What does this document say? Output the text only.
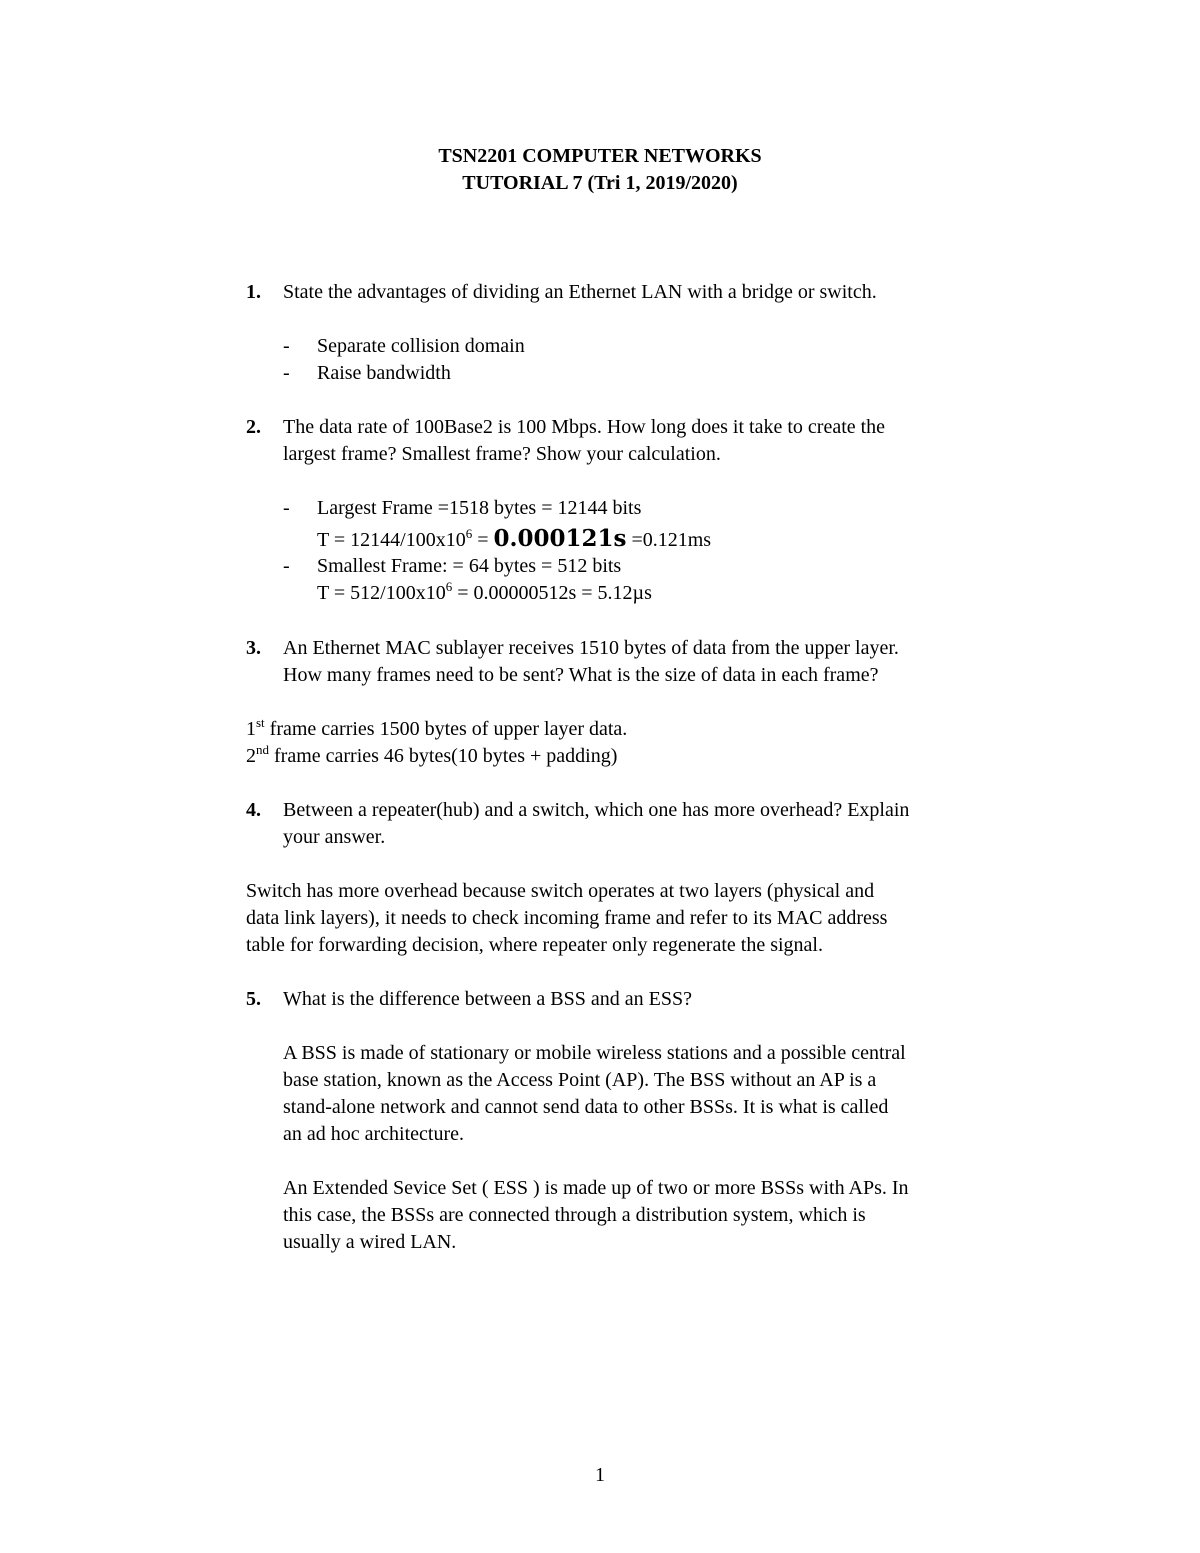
TSN2201 COMPUTER NETWORKS
TUTORIAL 7 (Tri 1, 2019/2020)
1. State the advantages of dividing an Ethernet LAN with a bridge or switch.
- Separate collision domain
- Raise bandwidth
2. The data rate of 100Base2 is 100 Mbps. How long does it take to create the
largest frame? Smallest frame? Show your calculation.
- Largest Frame =1518 bytes = 12144 bits
$T = 12144/100x10^6 = 0.000121s =0.121ms$
- Smallest Frame: = 64 bytes = 512 bits
$T = 512/100x10^6 = 0.00000512s = 5.12\mu s$
3. An Ethernet MAC sublayer receives 1510 bytes of data from the upper layer.
How many frames need to be sent? What is the size of data in each frame?
1st frame carries 1500 bytes of upper layer data.
2nd frame carries 46 bytes(10 bytes + padding)
4. Between a repeater(hub) and a switch, which one has more overhead? Explain
your answer.
Switch has more overhead because switch operates at two layers (physical and
data link layers), it needs to check incoming frame and refer to its MAC address
table for forwarding decision, where repeater only regenerate the signal.
5. What is the difference between a BSS and an ESS?
A BSS is made of stationary or mobile wireless stations and a possible central
base station, known as the Access Point (AP). The BSS without an AP is a
stand-alone network and cannot send data to other BSSs. It is what is called
an ad hoc architecture.
An Extended Sevice Set ( ESS ) is made up of two or more BSSs with APs. In
this case, the BSSs are connected through a distribution system, which is
usually a wired LAN.
1
